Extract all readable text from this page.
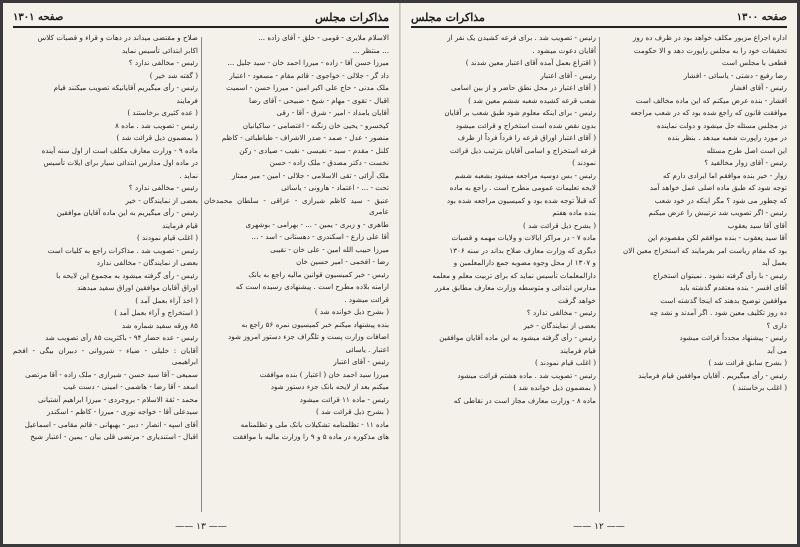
مذاکرات مجلس
صفحه ۱۳۰۱

الاسلام ملایری - قومی - خلق - آقای زاده ...

... منتظر ...

میرزا حسن آقا - زاده - میرزا احمد خان - سید جلیل ...

داد گر - جلالی - خواجوی - قائم مقام - مسعود - اعتبار

ملک مدنی - حاج علی اکبر امین - میرزا حسن - اسمیت

اقبال - تقوی - مهام - شیخ - صبیحی - آقای رضا

آقایان بامداد - امیر - شرق - آقا - رقی

کیخسرو - یحیی خان زنگنه - اعتصامی - ساکیانیان

منصور - عدل - صمد - صدر الاشراف - طباطبائی - کاظم

کلنل - مقدم - سید - نفیسی - نقیب - صیادی - رکن

نخست - دکتر مصدق - ملک زاده - حسن

ملک آرائی - تقی الاسلامی - جلالی - امین - میر ممتاز

تحت - ... - اعتماد - هارونی - یاسائی

عنیق - سید کاظم شیرازی - عراقی - سلطان محمدخان عامری

طاهری - و زیری - یمین - ... - بهرامی - بوشهری

آقا علی زارع - اسکندری - دهستانی - اسد - ...

میرزا حبیب الله امین - علی خان - نقیبی

رضا - افخمی - امیر حسین خان

رئیس - خبر کمیسیون قوانین مالیه راجع به بانک

ارامنه بلاده مطرح است . پیشنهادی رسیده است که

قرائت میشود .

( بشرح ذیل خوانده شد )

بنده پیشنهاد میکنم خبر کمیسیون نمره ۵۶ راجع به

اضافات وزارت پست و تلگراف جزء دستور امروز شود

اعتبار . یاسائی

رئیس - آقای اعتبار

میرزا سید احمد خان ( اعتبار ) بنده موافقت

میکنم بعد از لایحه بانک جزء دستور شود

رئیس - ماده ۱۱ قرائت میشود

( بشرح ذیل قرائت شد )

ماده ۱۱ - تظلمنامه تشکیلات بانک ملی و تظلمنامه

های مذکوره در ماده ۵ و ۹ را وزارت مالیه با موافقت

صلاح و مقتضی میداند در دهات و قراء و قصبات کلاس

اکابر ابتدائی تأسیس نماید

رئیس - مخالفی ندارد ؟

( گفته شد خیر )

رئیس - رأی میگیریم آقایانیکه تصویب میکنند قیام

فرمایند

( عده کثیری برخاستند )

رئیس - تصویب شد . ماده ۸

( بمضمون ذیل قرائت شد )

ماده ۹ - وزارت معارف مکلف است از اول سنه آینده

در ماده اول مدارس ابتدائی سیار برای ایلات تأسیس

نماید .

رئیس - مخالفی ندارد ؟

بعضی از نمایندگان - خیر

رئیس - رأی میگیریم به این ماده آقایان موافقین

قیام فرمایند

( اغلب قیام نمودند )

رئیس - تصویب شد . مذاکرات راجع به کلیات است

بعضی از نمایندگان - مخالفی ندارد

رئیس - رأی گرفته میشود به مجموع این لایحه با

اوراق آقایان موافقین اوراق سفید میدهند

( اخذ آراء بعمل آمد )

( استخراج و آراء بعمل آمد )

۸۵ ورقه سفید شماره شد

رئیس - عده حضار ۹۴ - باکثریت ۸۵ رأی تصویب شد

آقایان : خلیلی - ضیاء - شیروانی - دبیران بیگی - افخم ابراهیمی

سمیعی - آقا سید حسن - شیرازی - ملک زاده - آقا مرتضی

اسعد - آقا رضا - هاشمی - امینی - دست غیب

محمد - ثقة الاسلام - بروجردی - میرزا ابراهیم آشتیانی

سیدعلی آقا - خواجه نوری - میرزا - کاظم - اسکندر

آقای اسپه - انصار - دبیر - بهبهانی - قائم مقامی - اسماعیل

اقبال - استندیاری - مرتضی قلی بیان - یمین - اعتبار شیخ

—— ۱۳ ——
صفحه ۱۳۰۰
مذاکرات مجلس

اداره اجراع مزبور مکلف خواهد بود در ظرف ده روز

تحقیقات خود را به مجلس راپورت دهد و الا حکومت

قطعی با مجلس است

رضا رفیع - دشتی - یاسائی - افشار

رئیس - آقای افشار

افشار - بنده عرض میکنم که این ماده مخالف است

موافقت قانون که راجع شده بود که در شعب مراجعه

در مجلس مسئله حل میشود و دولت نماینده

در مورد راپورت شعبه میدهد . بنظر بنده

این است اصل طرح مسئله

رئیس - آقای زوار مخالفید ؟

زوار - خیر بنده موافقم اما ایرادی دارم که

توجه شود که طبق ماده اصلی عمل خواهد آمد

که چطور می شود ؟ مگر اینکه در خود شعب

رئیس - اگر تصویب شد ترتیبش را عرض میکنم

آقای آقا سید یعقوب

آقا سید یعقوب - بنده موافقم لکن مقصودم این

بود که مقام ریاست امر بفرمایند که استخراج معین الان

بعمل آید

رئیس - با رأی گرفته نشود . نمیتوان استخراج

آقای افسر - بنده معتقدم گذشته باید

موافقین توضیح بدهند که اینجا گذشته است

ده روز تکلیف معین شود . اگر آمدند و نشد چه

داری ؟

رئیس - پیشنهاد مجدداً قرائت میشود

می آید

( بشرح سابق قرائت شد )

رئیس - رأی میگیریم . آقایان موافقین قیام فرمایند

( اغلب برخاستند )

رئیس - تصویب شد . برای قرعه کشیدن یک نفر از

آقایان دعوت میشود .

( اقتراع بعمل آمده آقای اعتبار معین شدند )

رئیس - آقای اعتبار

( آقای اعتبار در محل نطق حاضر و از بین اسامی

شعب قرعه کشیده شعبه ششم معین شد )

رئیس - برای اینکه معلوم شود طبق شعب بر آقایان

بدون نقص شده است استخراج و قرائت میشود

( آقای اعتبار اوراق قرعه را فرداً فرداً از ظرف

قرعه استخراج و اسامی آقایان بترتیب ذیل قرائت

نمودند )

رئیس - بس دوسیه مراجعه میشود بشعبه ششم

لایحه تعلیمات عمومی مطرح است . راجع به ماده

که قبلاً توجه شده بود و کمیسیون مراجعه شده بود

بنده ماده هفتم

( بشرح ذیل قرائت شد )

ماده ۷ - در مراکز ایالات و ولایات مهمه و قصبات

دیگری که وزارت معارف صلاح بداند در سنه ۱۳۰۶

و ۱۳۰۷ از محل وجوه مصوبه جمع دارالمعلمین و

دارالمعلمات تأسیس نماید که برای تربیت معلم و معلمه

مدارس ابتدائی و متوسطه وزارت معارف مطابق مقرر

خواهد گرفت

رئیس - مخالفی ندارد ؟

بعضی از نمایندگان - خیر

رئیس - رأی گرفته میشود به این ماده آقایان موافقین

قیام فرمایند

( اغلب قیام نمودند )

رئیس - تصویب شد . ماده هشتم قرائت میشود

( بمضمون ذیل خوانده شد )

ماده ۸ - وزارت معارف مجاز است در نقاطی که

—— ۱۲ ——
